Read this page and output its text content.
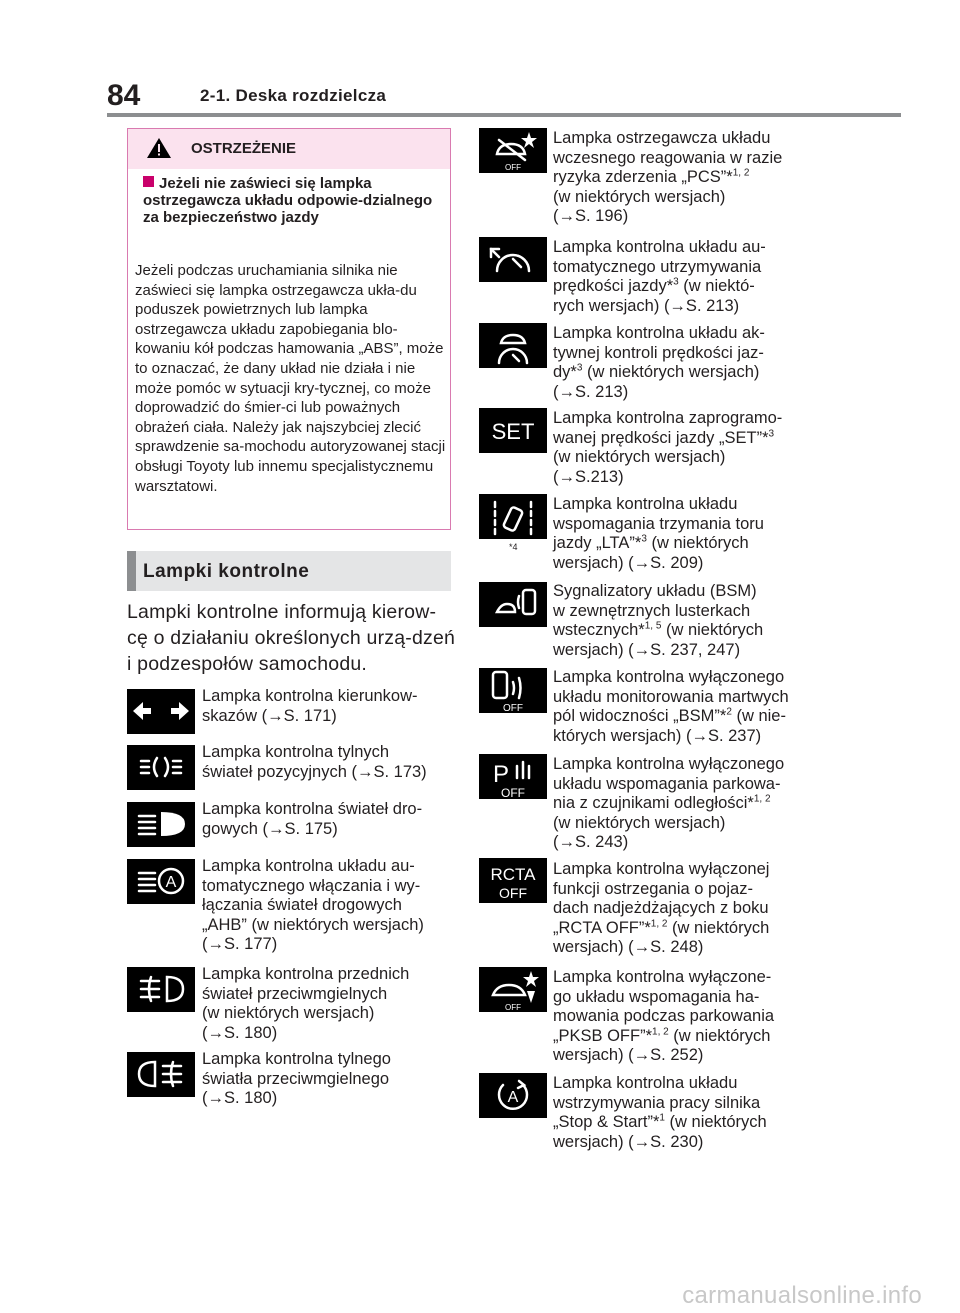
84	2-1. Deska rozdzielcza
OSTRZEŻENIE
Jeżeli nie zaświeci się lampka ostrzegawcza układu odpowie-dzialnego za bezpieczeństwo jazdy
Jeżeli podczas uruchamiania silnika nie zaświeci się lampka ostrzegawcza ukła-du poduszek powietrznych lub lampka ostrzegawcza układu zapobiegania blo-kowaniu kół podczas hamowania „ABS”, może to oznaczać, że dany układ nie działa i nie może pomóc w sytuacji kry-tycznej, co może doprowadzić do śmier-ci lub poważnych obrażeń ciała. Należy jak najszybciej zlecić sprawdzenie sa-mochodu autoryzowanej stacji obsługi Toyoty lub innemu specjalistycznemu warsztatowi.
Lampki kontrolne
Lampki kontrolne informują kierow-cę o działaniu określonych urzą-dzeń i podzespołów samochodu.
Lampka kontrolna kierunkow-
skazów (→S. 171)

Lampka kontrolna tylnych
świateł pozycyjnych (→S. 173)

Lampka kontrolna świateł dro-
gowych (→S. 175)

A
Lampka kontrolna układu au-
tomatycznego włączania i wy-
łączania świateł drogowych
„AHB” (w niektórych wersjach)
(→S. 177)

Lampka kontrolna przednich
świateł przeciwmgielnych
(w niektórych wersjach)
(→S. 180)

Lampka kontrolna tylnego
światła przeciwmgielnego
(→S. 180)

OFF
Lampka ostrzegawcza układu
wczesnego reagowania w razie
ryzyka zderzenia „PCS”*$^{1, 2}$
(w niektórych wersjach)
(→S. 196)

Lampka kontrolna układu au-
tomatycznego utrzymywania
prędkości jazdy*$^3$ (w niektó-
rych wersjach) (→S. 213)

Lampka kontrolna układu ak-
tywnej kontroli prędkości jaz-
dy*$^3$ (w niektórych wersjach)
(→S. 213)

SET
Lampka kontrolna zaprogramo-
wanej prędkości jazdy „SET”*$^3$
(w niektórych wersjach)
(→S.213)

*4
Lampka kontrolna układu
wspomagania trzymania toru
jazdy „LTA”*$^3$ (w niektórych
wersjach) (→S. 209)

Sygnalizatory układu (BSM)
w zewnętrznych lusterkach
wstecznych*$^{1, 5}$ (w niektórych
wersjach) (→S. 237, 247)

OFF
Lampka kontrolna wyłączonego
układu monitorowania martwych
pól widoczności „BSM”*$^2$ (w nie-
których wersjach) (→S. 237)

P
OFF
Lampka kontrolna wyłączonego
układu wspomagania parkowa-
nia z czujnikami odległości*$^{1, 2}$
(w niektórych wersjach)
(→S. 243)

RCTA
OFF
Lampka kontrolna wyłączonej
funkcji ostrzegania o pojaz-
dach nadjeżdżających z boku
„RCTA OFF”*$^{1, 2}$ (w niektórych
wersjach) (→S. 248)

OFF
Lampka kontrolna wyłączone-
go układu wspomagania ha-
mowania podczas parkowania
„PKSB OFF”*$^{1, 2}$ (w niektórych
wersjach) (→S. 252)

A
Lampka kontrolna układu
wstrzymywania pracy silnika
„Stop & Start”*$^1$ (w niektórych
wersjach) (→S. 230)

carmanualsonline.info
